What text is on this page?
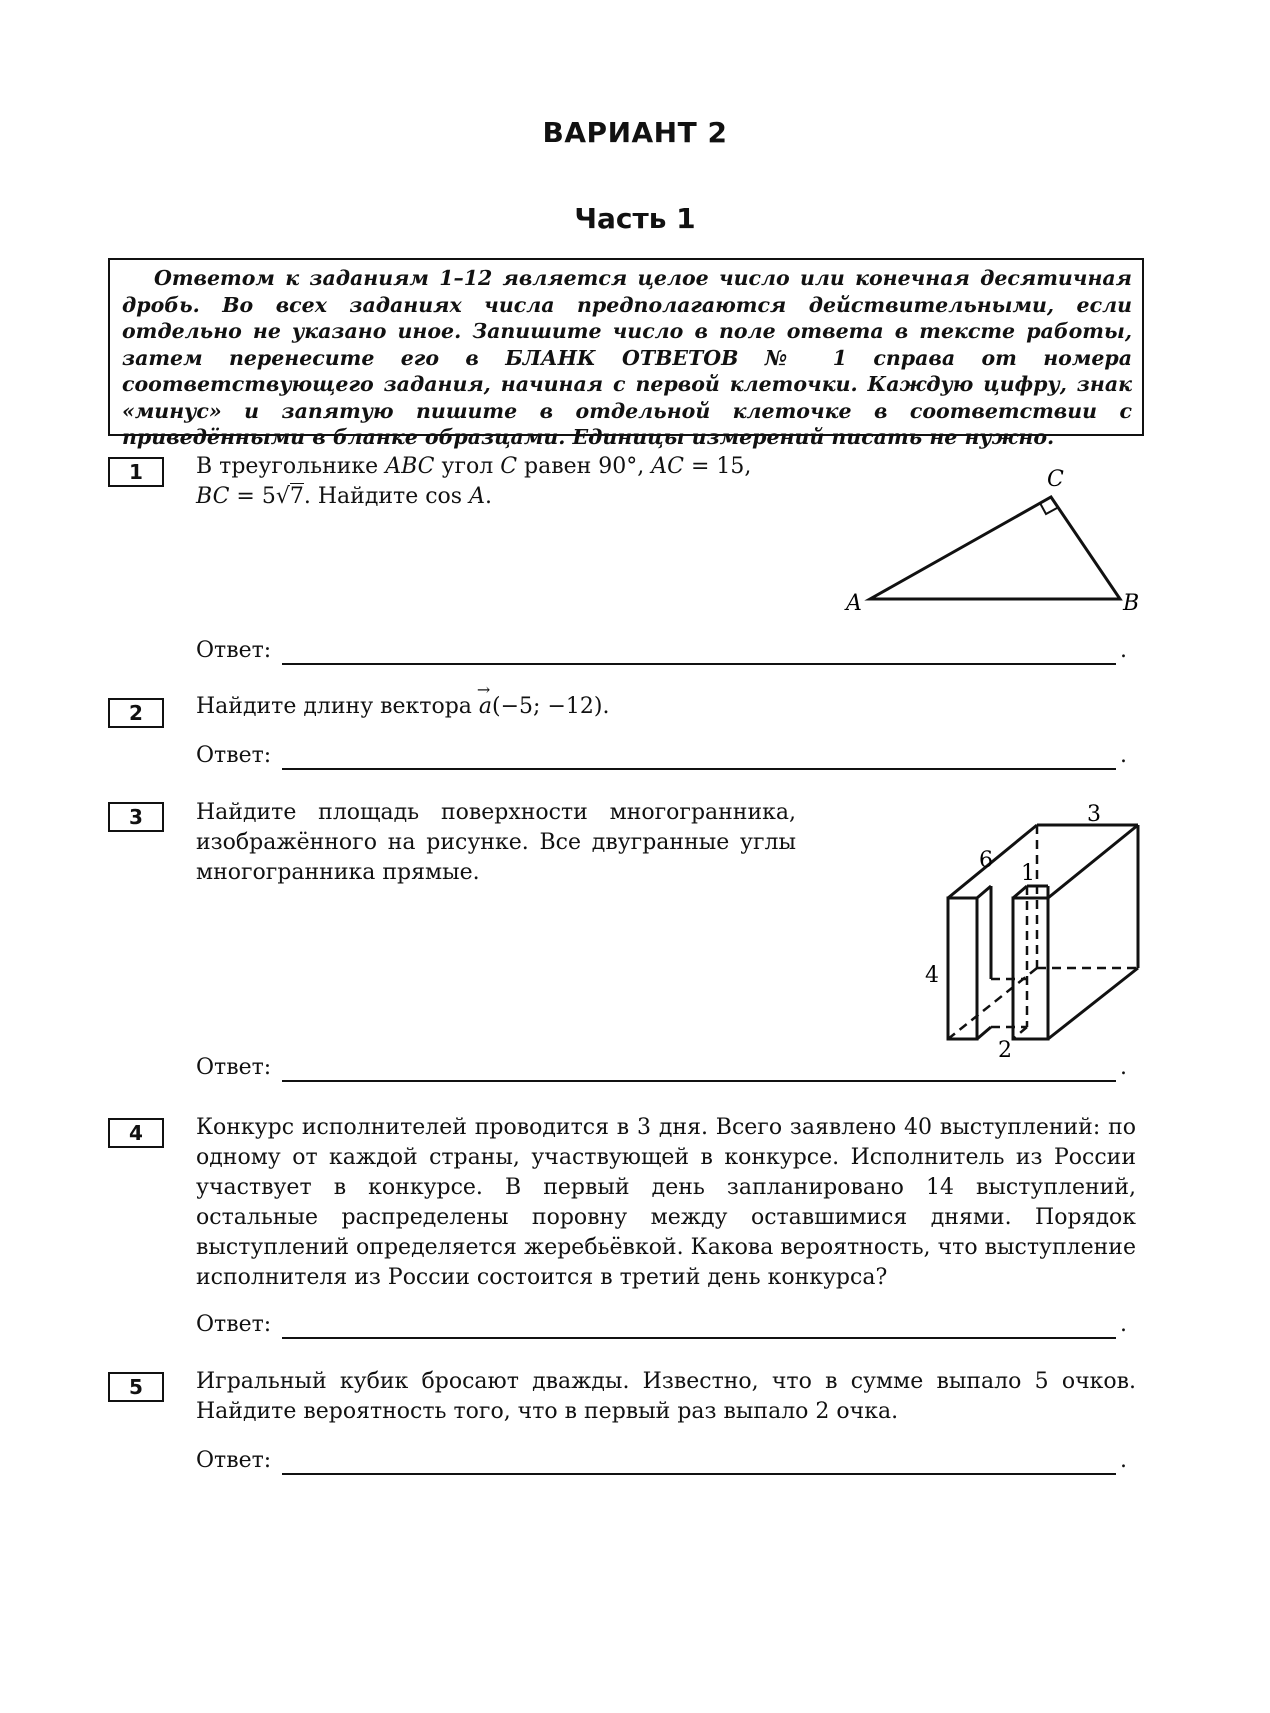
ВАРИАНТ 2
Часть 1
Ответом к заданиям 1–12 является целое число или конечная десятичная дробь. Во всех заданиях числа предполагаются действительными, если отдельно не указано иное. Запишите число в поле ответа в тексте работы, затем перенесите его в БЛАНК ОТВЕТОВ № 1 справа от номера соответствующего задания, начиная с первой клеточки. Каждую цифру, знак «минус» и запятую пишите в отдельной клеточке в соответствии с приведёнными в бланке образцами. Единицы измерений писать не нужно.
1	В треугольнике ABC угол C равен 90°, AC = 15,
BC = 5√7. Найдите cos A.
A	B
C
Ответ:	.
2	Найдите длину вектора
→
a(−5; −12).
Ответ:	.
3	Найдите площадь поверхности многогранника, изображённого на рисунке. Все двугранные углы многогранника прямые.
3
6
1
4
2
Ответ:	.
4	Конкурс исполнителей проводится в 3 дня. Всего заявлено 40 выступлений: по одному от каждой страны, участвующей в конкурсе. Исполнитель из России участвует в конкурсе. В первый день запланировано 14 выступлений, остальные распределены поровну между оставшимися днями. Порядок выступлений определяется жеребьёвкой. Какова вероятность, что выступление исполнителя из России состоится в третий день конкурса?
Ответ:	.
5	Игральный кубик бросают дважды. Известно, что в сумме выпало 5 очков. Найдите вероятность того, что в первый раз выпало 2 очка.
Ответ:	.
